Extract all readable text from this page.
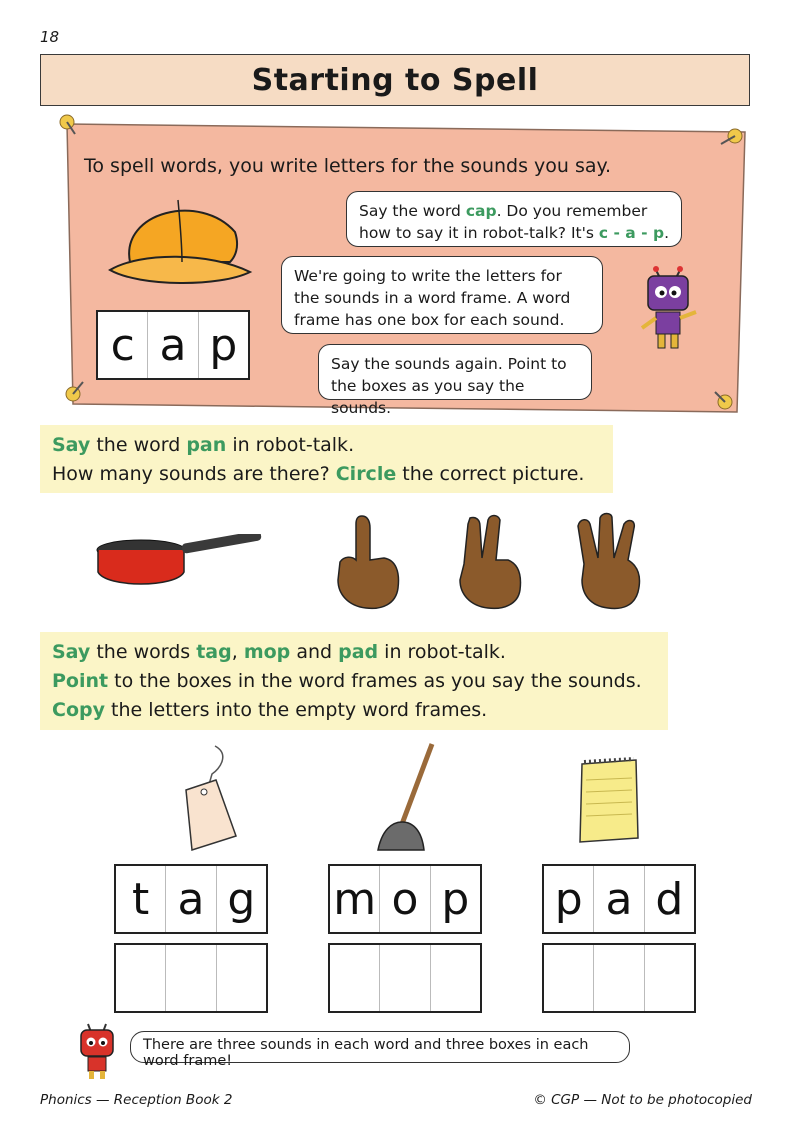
18
Starting to Spell
To spell words, you write letters for the sounds you say.
c a p
Say the word cap. Do you remember
how to say it in robot-talk? It's c - a - p.
We're going to write the letters for the sounds in a word frame. A word frame has one box for each sound.
Say the sounds again. Point to the boxes as you say the sounds.
Say the word pan in robot-talk.
How many sounds are there? Circle the correct picture.
Say the words tag, mop and pad in robot-talk.
Point to the boxes in the word frames as you say the sounds.
Copy the letters into the empty word frames.
t a g m o p p a d
There are three sounds in each word and three boxes in each word frame!
Phonics — Reception Book 2	© CGP — Not to be photocopied
